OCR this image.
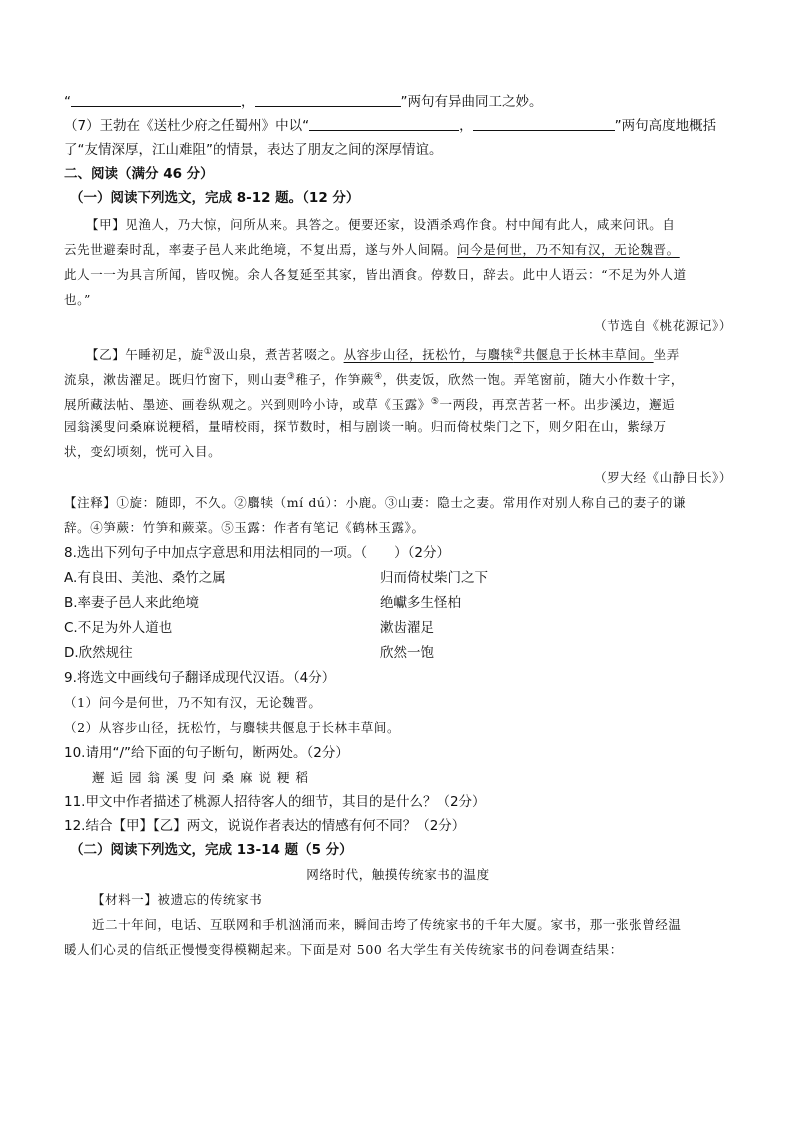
“	，	”两句有异曲同工之妙。
（7）王勃在《送杜少府之任蜀州》中以“	，	”两句高度地概括
了“友情深厚，江山难阻”的情景，表达了朋友之间的深厚情谊。
二、阅读（满分 46 分）
（一）阅读下列选文，完成 8-12 题。（12 分）
【甲】见渔人，乃大惊，问所从来。具答之。便要还家，设酒杀鸡作食。村中闻有此人，咸来问讯。自
云先世避秦时乱，率妻子邑人来此绝境，不复出焉，遂与外人间隔。问今是何世，乃不知有汉，无论魏晋。
此人一一为具言所闻，皆叹惋。余人各复延至其家，皆出酒食。停数日，辞去。此中人语云：“不足为外人道
也。”
（节选自《桃花源记》）
【乙】午睡初足，旋①汲山泉，煮苦茗啜之。从容步山径，抚松竹，与麛犊②共偃息于长林丰草间。坐弄
流泉，漱齿濯足。既归竹窗下，则山妻③稚子，作笋蕨④，供麦饭，欣然一饱。弄笔窗前，随大小作数十字，
展所藏法帖、墨迹、画卷纵观之。兴到则吟小诗，或草《玉露》⑤一两段，再烹苦茗一杯。出步溪边，邂逅
园翁溪叟问桑麻说粳稻，量晴校雨，探节数时，相与剧谈一晌。归而倚杖柴门之下，则夕阳在山，紫绿万
状，变幻顷刻，恍可入目。
（罗大经《山静日长》）
【注释】①旋：随即，不久。②麛犊（mí dú）：小鹿。③山妻：隐士之妻。常用作对别人称自己的妻子的谦
辞。④笋蕨：竹笋和蕨菜。⑤玉露：作者有笔记《鹤林玉露》。
8.选出下列句子中加点字意思和用法相同的一项。（　　）（2分）
A.有良田、美池、桑竹之属	归而倚杖柴门之下
B.率妻子邑人来此绝境	绝巘多生怪柏
C.不足为外人道也	漱齿濯足
D.欣然规往	欣然一饱
9.将选文中画线句子翻译成现代汉语。（4分）
（1）问今是何世，乃不知有汉，无论魏晋。
（2）从容步山径，抚松竹，与麛犊共偃息于长林丰草间。
10.请用“/”给下面的句子断句，断两处。（2分）
邂逅园翁溪叟问桑麻说粳稻
11.甲文中作者描述了桃源人招待客人的细节，其目的是什么？（2分）
12.结合【甲】【乙】两文，说说作者表达的情感有何不同？（2分）
（二）阅读下列选文，完成 13-14 题（5 分）
网络时代，触摸传统家书的温度
【材料一】被遗忘的传统家书
近二十年间，电话、互联网和手机汹涌而来，瞬间击垮了传统家书的千年大厦。家书，那一张张曾经温
暖人们心灵的信纸正慢慢变得模糊起来。下面是对 500 名大学生有关传统家书的问卷调查结果：
